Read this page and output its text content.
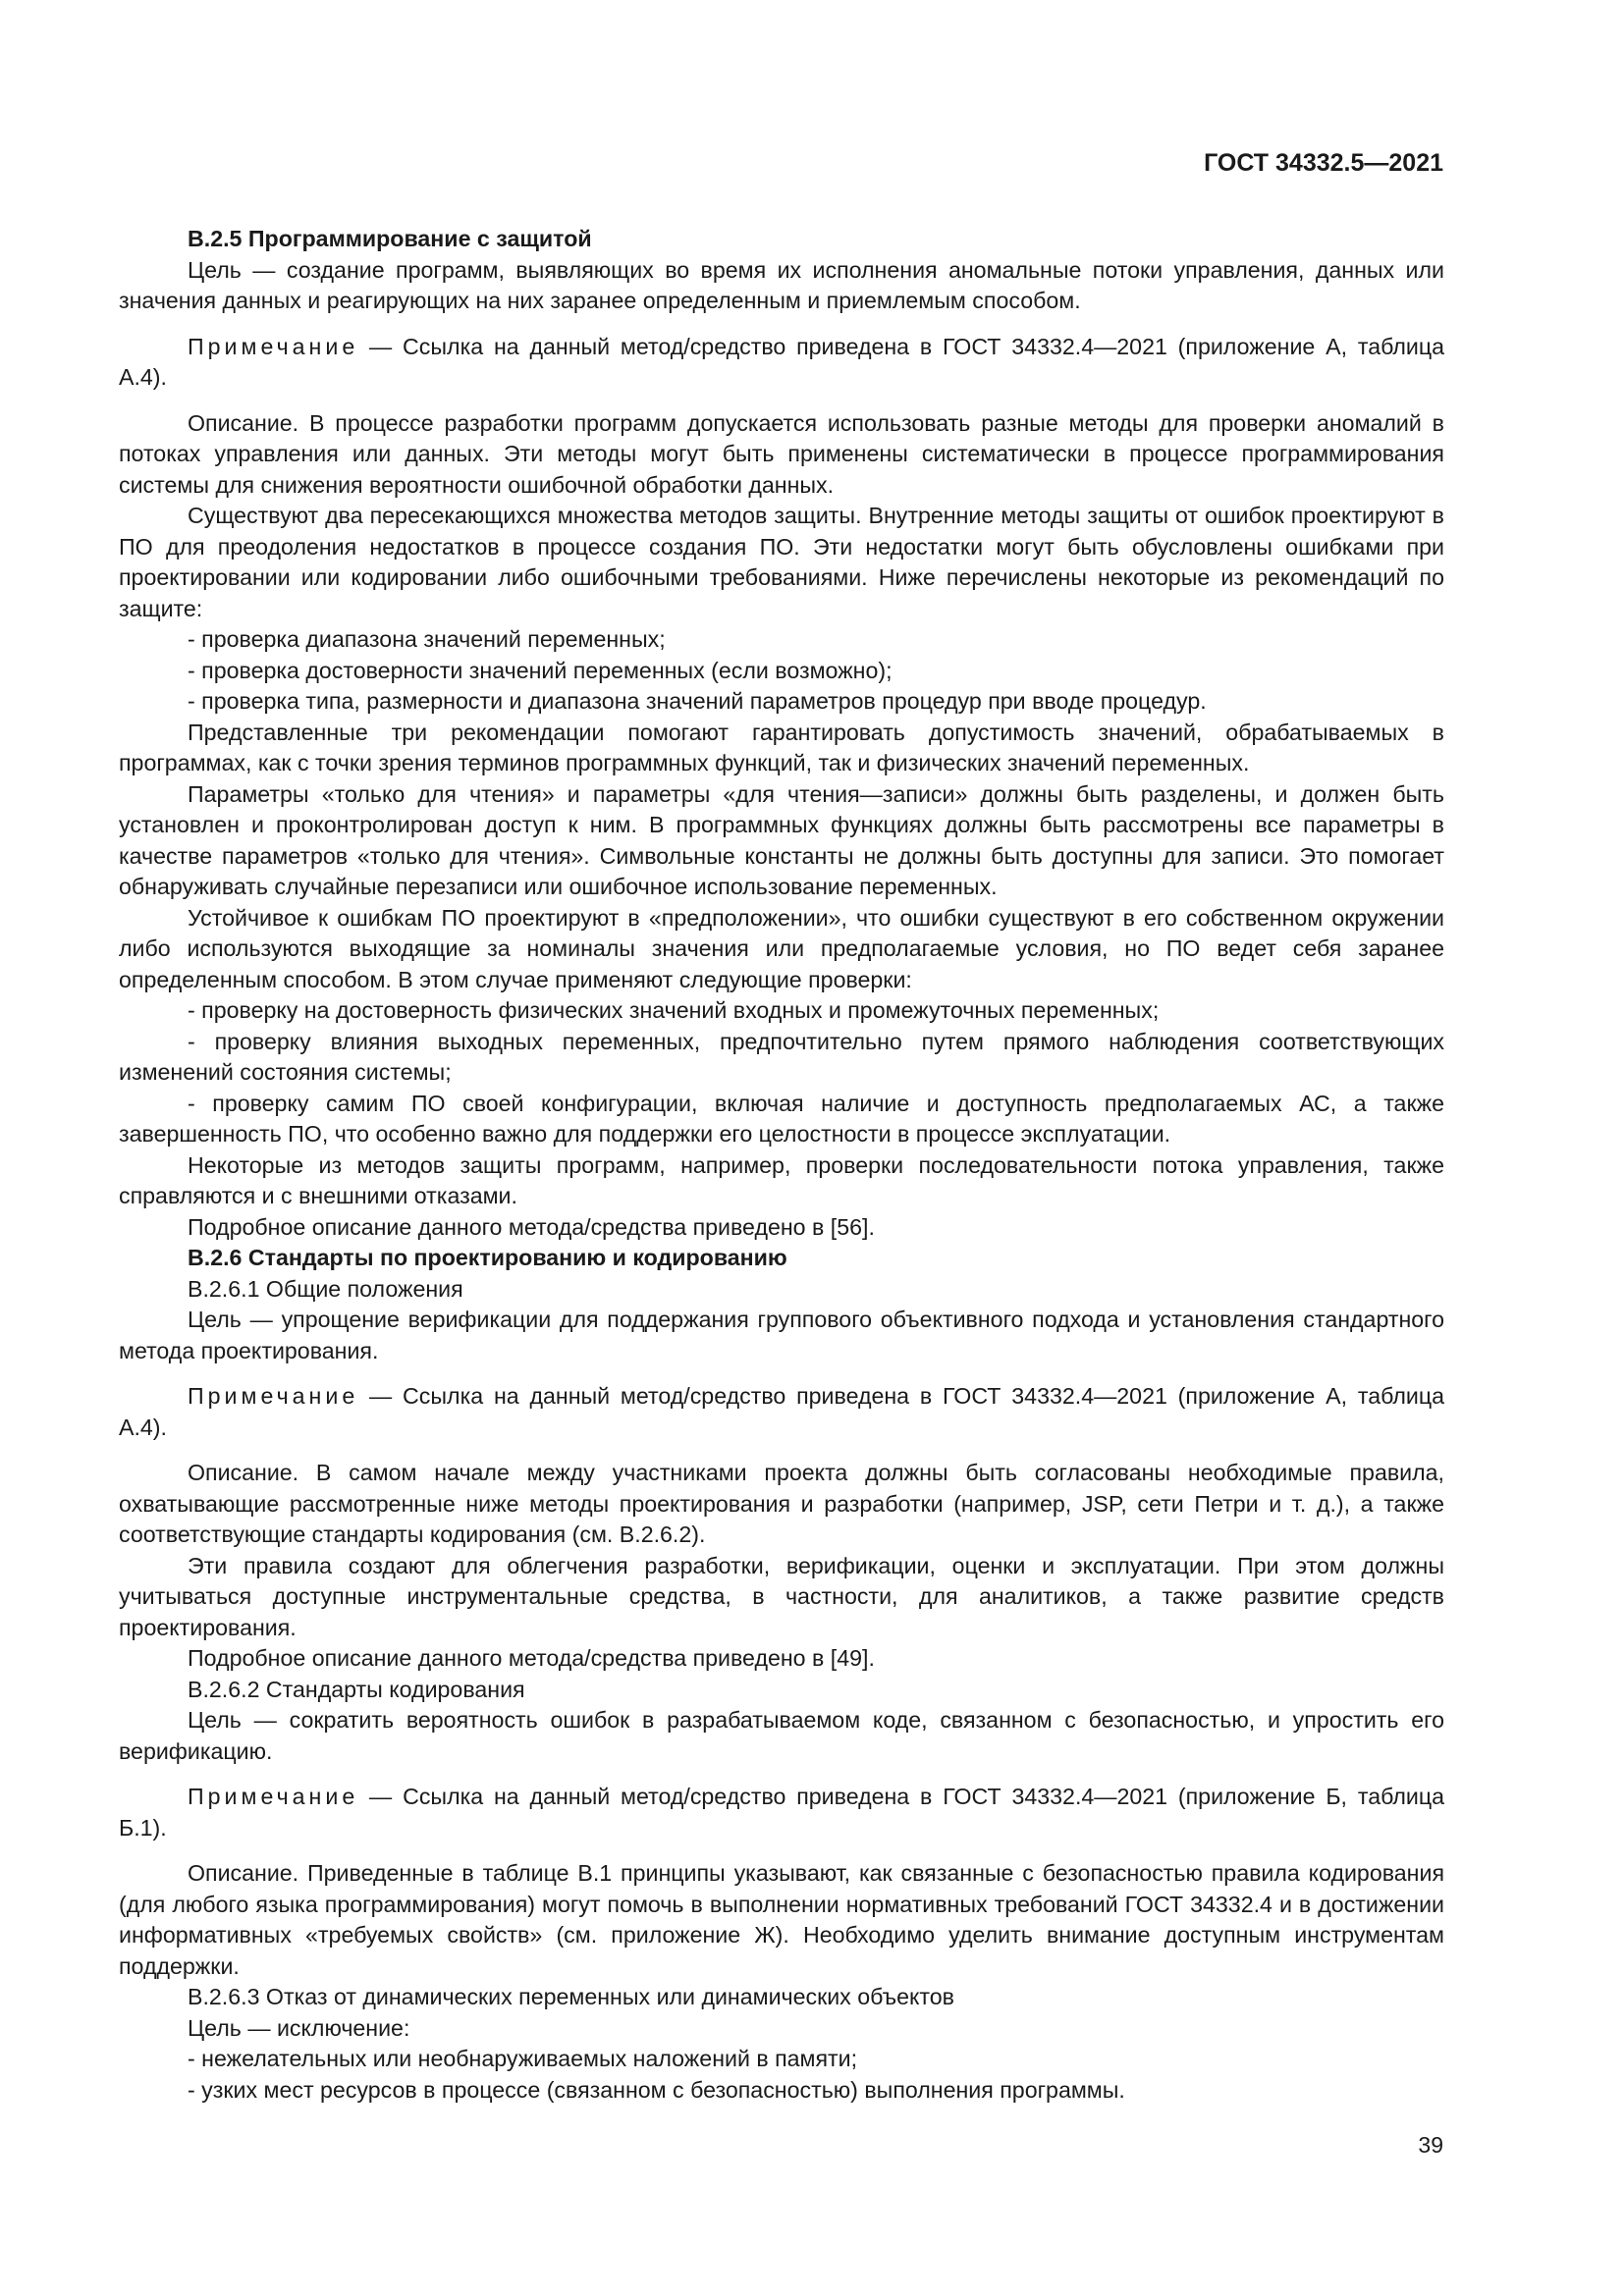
ГОСТ 34332.5—2021

В.2.5 Программирование с защитой

Цель — создание программ, выявляющих во время их исполнения аномальные потоки управления, данных или значения данных и реагирующих на них заранее определенным и приемлемым способом.

Примечание — Ссылка на данный метод/средство приведена в ГОСТ 34332.4—2021 (приложение А, таблица А.4).

Описание. В процессе разработки программ допускается использовать разные методы для проверки аномалий в потоках управления или данных. Эти методы могут быть применены систематически в процессе программирования системы для снижения вероятности ошибочной обработки данных.

Существуют два пересекающихся множества методов защиты. Внутренние методы защиты от ошибок проектируют в ПО для преодоления недостатков в процессе создания ПО. Эти недостатки могут быть обусловлены ошибками при проектировании или кодировании либо ошибочными требованиями. Ниже перечислены некоторые из рекомендаций по защите:

- проверка диапазона значений переменных;

- проверка достоверности значений переменных (если возможно);

- проверка типа, размерности и диапазона значений параметров процедур при вводе процедур.

Представленные три рекомендации помогают гарантировать допустимость значений, обрабатываемых в программах, как с точки зрения терминов программных функций, так и физических значений переменных.

Параметры «только для чтения» и параметры «для чтения—записи» должны быть разделены, и должен быть установлен и проконтролирован доступ к ним. В программных функциях должны быть рассмотрены все параметры в качестве параметров «только для чтения». Символьные константы не должны быть доступны для записи. Это помогает обнаруживать случайные перезаписи или ошибочное использование переменных.

Устойчивое к ошибкам ПО проектируют в «предположении», что ошибки существуют в его собственном окружении либо используются выходящие за номиналы значения или предполагаемые условия, но ПО ведет себя заранее определенным способом. В этом случае применяют следующие проверки:

- проверку на достоверность физических значений входных и промежуточных переменных;

- проверку влияния выходных переменных, предпочтительно путем прямого наблюдения соответствующих изменений состояния системы;

- проверку самим ПО своей конфигурации, включая наличие и доступность предполагаемых АС, а также завершенность ПО, что особенно важно для поддержки его целостности в процессе эксплуатации.

Некоторые из методов защиты программ, например, проверки последовательности потока управления, также справляются и с внешними отказами.

Подробное описание данного метода/средства приведено в [56].

В.2.6 Стандарты по проектированию и кодированию

В.2.6.1 Общие положения

Цель — упрощение верификации для поддержания группового объективного подхода и установления стандартного метода проектирования.

Примечание — Ссылка на данный метод/средство приведена в ГОСТ 34332.4—2021 (приложение А, таблица А.4).

Описание. В самом начале между участниками проекта должны быть согласованы необходимые правила, охватывающие рассмотренные ниже методы проектирования и разработки (например, JSP, сети Петри и т. д.), а также соответствующие стандарты кодирования (см. В.2.6.2).

Эти правила создают для облегчения разработки, верификации, оценки и эксплуатации. При этом должны учитываться доступные инструментальные средства, в частности, для аналитиков, а также развитие средств проектирования.

Подробное описание данного метода/средства приведено в [49].

В.2.6.2 Стандарты кодирования

Цель — сократить вероятность ошибок в разрабатываемом коде, связанном с безопасностью, и упростить его верификацию.

Примечание — Ссылка на данный метод/средство приведена в ГОСТ 34332.4—2021 (приложение Б, таблица Б.1).

Описание. Приведенные в таблице В.1 принципы указывают, как связанные с безопасностью правила кодирования (для любого языка программирования) могут помочь в выполнении нормативных требований ГОСТ 34332.4 и в достижении информативных «требуемых свойств» (см. приложение Ж). Необходимо уделить внимание доступным инструментам поддержки.

В.2.6.3 Отказ от динамических переменных или динамических объектов

Цель — исключение:

- нежелательных или необнаруживаемых наложений в памяти;

- узких мест ресурсов в процессе (связанном с безопасностью) выполнения программы.

39
